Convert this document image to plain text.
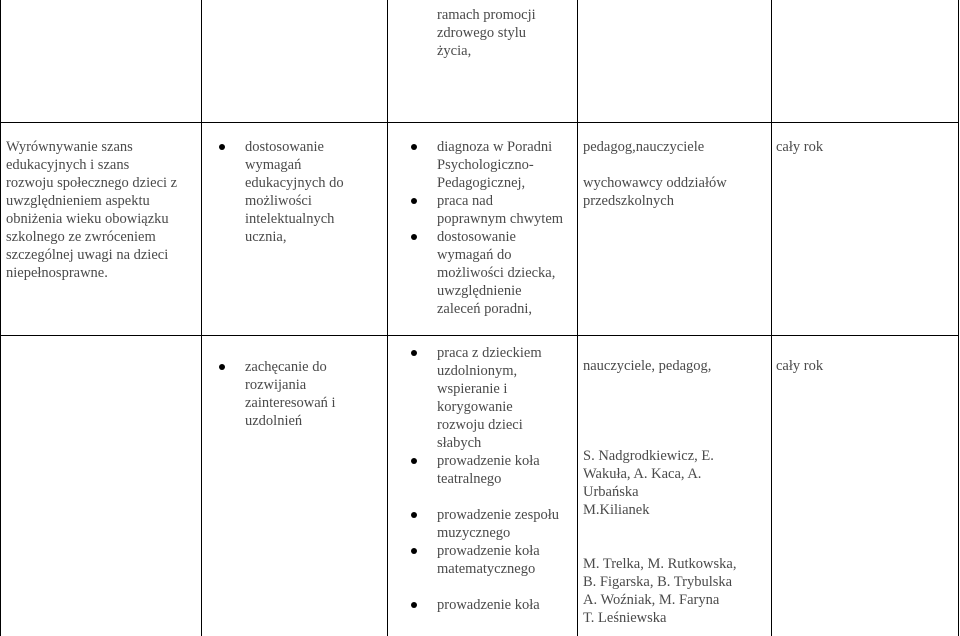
ramach promocji
zdrowego stylu
życia,
Wyrównywanie szans
edukacyjnych i szans
rozwoju społecznego dzieci z
uwzględnieniem aspektu
obniżenia wieku obowiązku
szkolnego ze zwróceniem
szczególnej uwagi na dzieci
niepełnosprawne.
dostosowanie
wymagań
edukacyjnych do
możliwości
intelektualnych
ucznia,
diagnoza w Poradni
Psychologiczno-
Pedagogicznej,
praca nad
poprawnym chwytem
dostosowanie
wymagań do
możliwości dziecka,
uwzględnienie
zaleceń poradni,
pedagog,nauczyciele
wychowawcy oddziałów
przedszkolnych
cały rok
zachęcanie do
rozwijania
zainteresowań i
uzdolnień
praca z dzieckiem
uzdolnionym,
wspieranie i
korygowanie
rozwoju dzieci
słabych
prowadzenie koła
teatralnego
prowadzenie zespołu
muzycznego
prowadzenie koła
matematycznego
prowadzenie koła
nauczyciele, pedagog,
S. Nadgrodkiewicz, E.
Wakuła, A. Kaca, A.
Urbańska
M.Kilianek
M. Trelka, M. Rutkowska,
B. Figarska, B. Trybulska
A. Woźniak, M. Faryna
T. Leśniewska
cały rok
